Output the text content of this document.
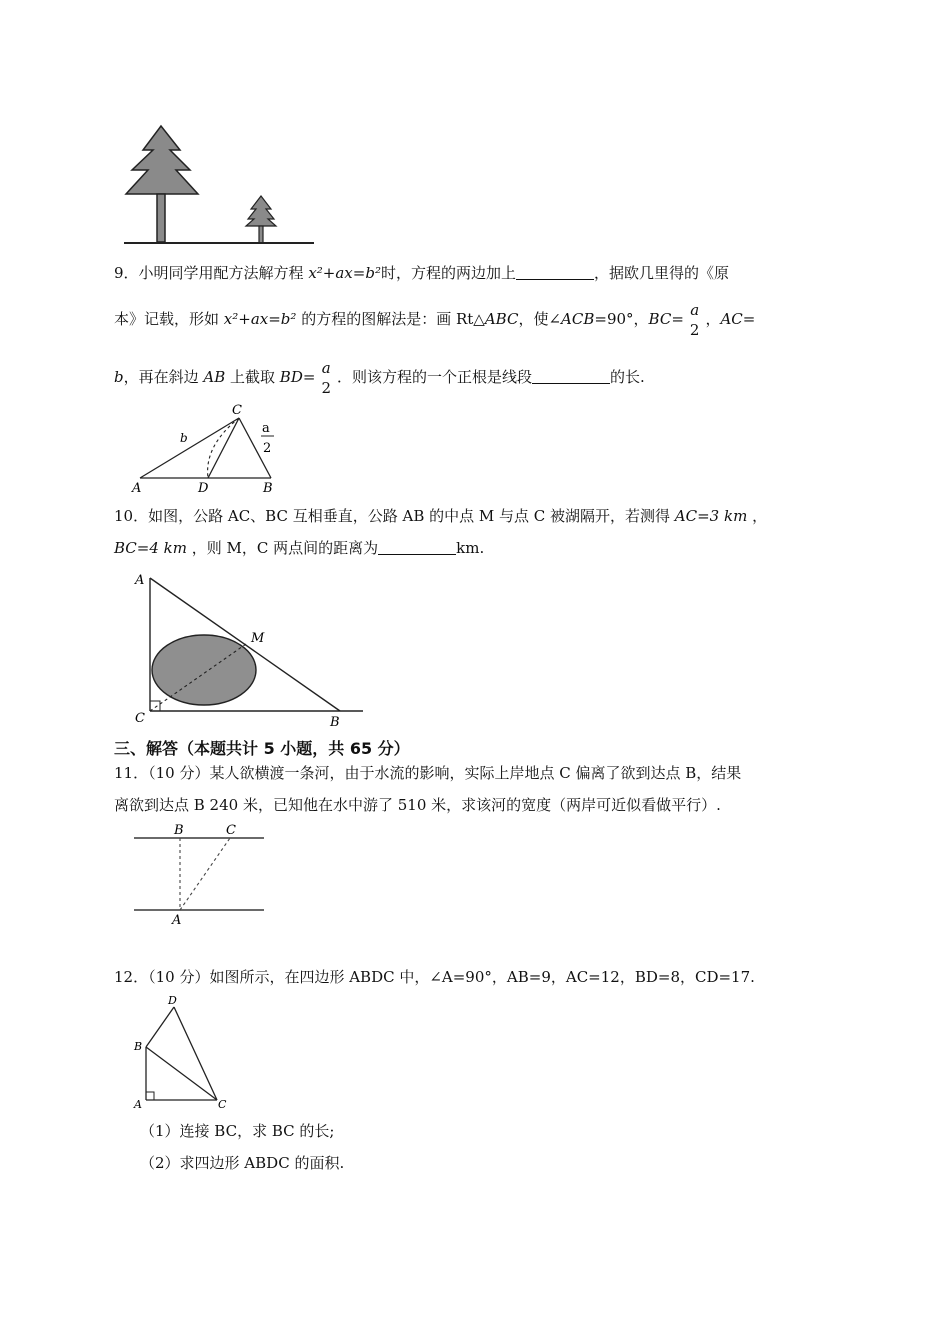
9．小明同学用配方法解方程 x²+ax=b²时，方程的两边加上	，据欧几里得的《原
本》记载，形如 x²+ax=b² 的方程的图解法是：画 Rt△ABC，使∠ACB=90°，BC= a
2
，AC=
b，再在斜边 AB 上截取 BD= a
2
．则该方程的一个正根是线段	的长.
C
A	D	B
b
a
2
10．如图，公路 AC、BC 互相垂直，公路 AB 的中点 M 与点 C 被湖隔开，若测得 AC=3 km ，
BC=4 km ，则 M，C 两点间的距离为	km.
A
M
C	B
三、解答（本题共计 5 小题，共 65 分）
11．（10 分）某人欲横渡一条河，由于水流的影响，实际上岸地点 C 偏离了欲到达点 B，结果
离欲到达点 B 240 米，已知他在水中游了 510 米，求该河的宽度（两岸可近似看做平行）.
B	C
A
12．（10 分）如图所示，在四边形 ABDC 中，∠A=90°，AB=9，AC=12，BD=8，CD=17.
D
B
A	C
（1）连接 BC，求 BC 的长;
（2）求四边形 ABDC 的面积.
